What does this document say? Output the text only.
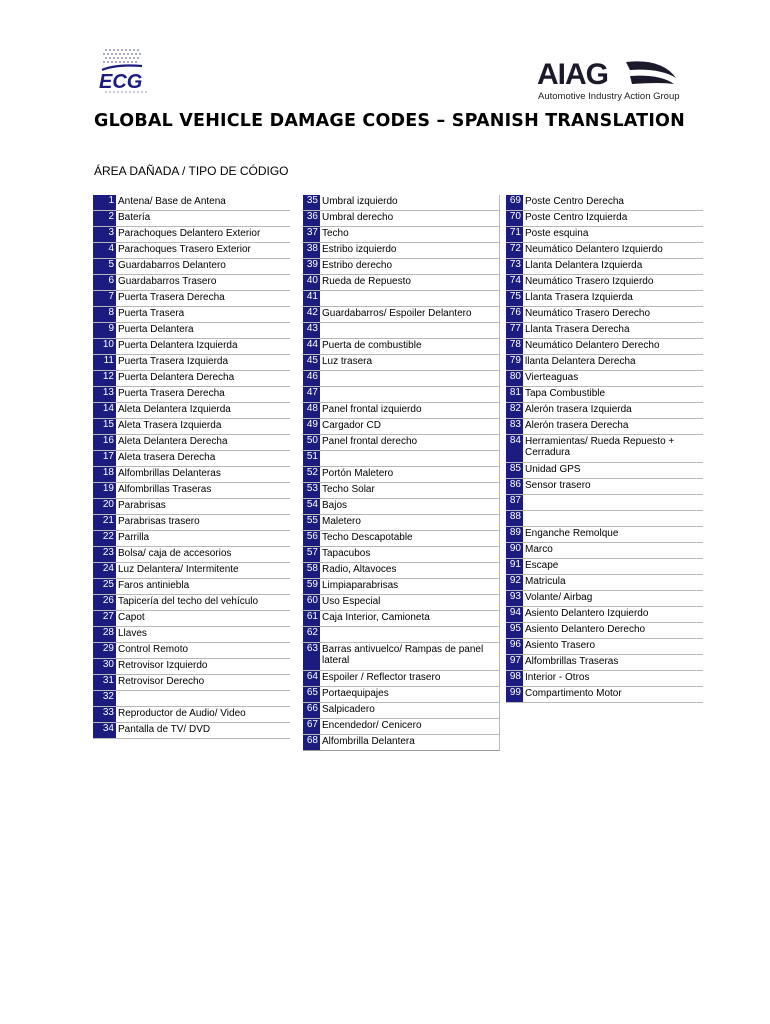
ECG	AIAG
Automotive Industry Action Group
GLOBAL VEHICLE DAMAGE CODES – SPANISH TRANSLATION
ÁREA DAÑADA / TIPO DE CÓDIGO
1 Antena/ Base de Antena
2 Batería
3 Parachoques Delantero Exterior
4 Parachoques Trasero Exterior
5 Guardabarros Delantero
6 Guardabarros Trasero
7 Puerta Trasera Derecha
8 Puerta Trasera
9 Puerta Delantera
10 Puerta Delantera Izquierda
11 Puerta Trasera Izquierda
12 Puerta Delantera Derecha
13 Puerta Trasera Derecha
14 Aleta Delantera Izquierda
15 Aleta Trasera Izquierda
16 Aleta Delantera Derecha
17 Aleta trasera Derecha
18 Alfombrillas Delanteras
19 Alfombrillas Traseras
20 Parabrisas
21 Parabrisas trasero
22 Parrilla
23 Bolsa/ caja de accesorios
24 Luz Delantera/ Intermitente
25 Faros antiniebla
26 Tapicería del techo del vehículo
27 Capot
28 Llaves
29 Control Remoto
30 Retrovisor Izquierdo
31 Retrovisor Derecho
32
33 Reproductor de Audio/ Video
34 Pantalla de TV/ DVD
35 Umbral izquierdo
36 Umbral derecho
37 Techo
38 Estribo izquierdo
39 Estribo derecho
40 Rueda de Repuesto
41
42 Guardabarros/ Espoiler Delantero
43
44 Puerta de combustible
45 Luz trasera
46
47
48 Panel frontal izquierdo
49 Cargador CD
50 Panel frontal derecho
51
52 Portón Maletero
53 Techo Solar
54 Bajos
55 Maletero
56 Techo Descapotable
57 Tapacubos
58 Radio, Altavoces
59 Limpiaparabrisas
60 Uso Especial
61 Caja Interior, Camioneta
62
63 Barras antivuelco/ Rampas de panel
lateral
64 Espoiler / Reflector trasero
65 Portaequipajes
66 Salpicadero
67 Encendedor/ Cenicero
68 Alfombrilla Delantera
69 Poste Centro Derecha
70 Poste Centro Izquierda
71 Poste esquina
72 Neumático Delantero Izquierdo
73 Llanta Delantera Izquierda
74 Neumático Trasero Izquierdo
75 Llanta Trasera Izquierda
76 Neumático Trasero Derecho
77 Llanta Trasera Derecha
78 Neumático Delantero Derecho
79 llanta Delantera Derecha
80 Vierteaguas
81 Tapa Combustible
82 Alerón trasera Izquierda
83 Alerón trasera Derecha
84 Herramientas/ Rueda Repuesto +
Cerradura
85 Unidad GPS
86 Sensor trasero
87
88
89 Enganche Remolque
90 Marco
91 Escape
92 Matricula
93 Volante/ Airbag
94 Asiento Delantero Izquierdo
95 Asiento Delantero Derecho
96 Asiento Trasero
97 Alfombrillas Traseras
98 Interior - Otros
99 Compartimento Motor
